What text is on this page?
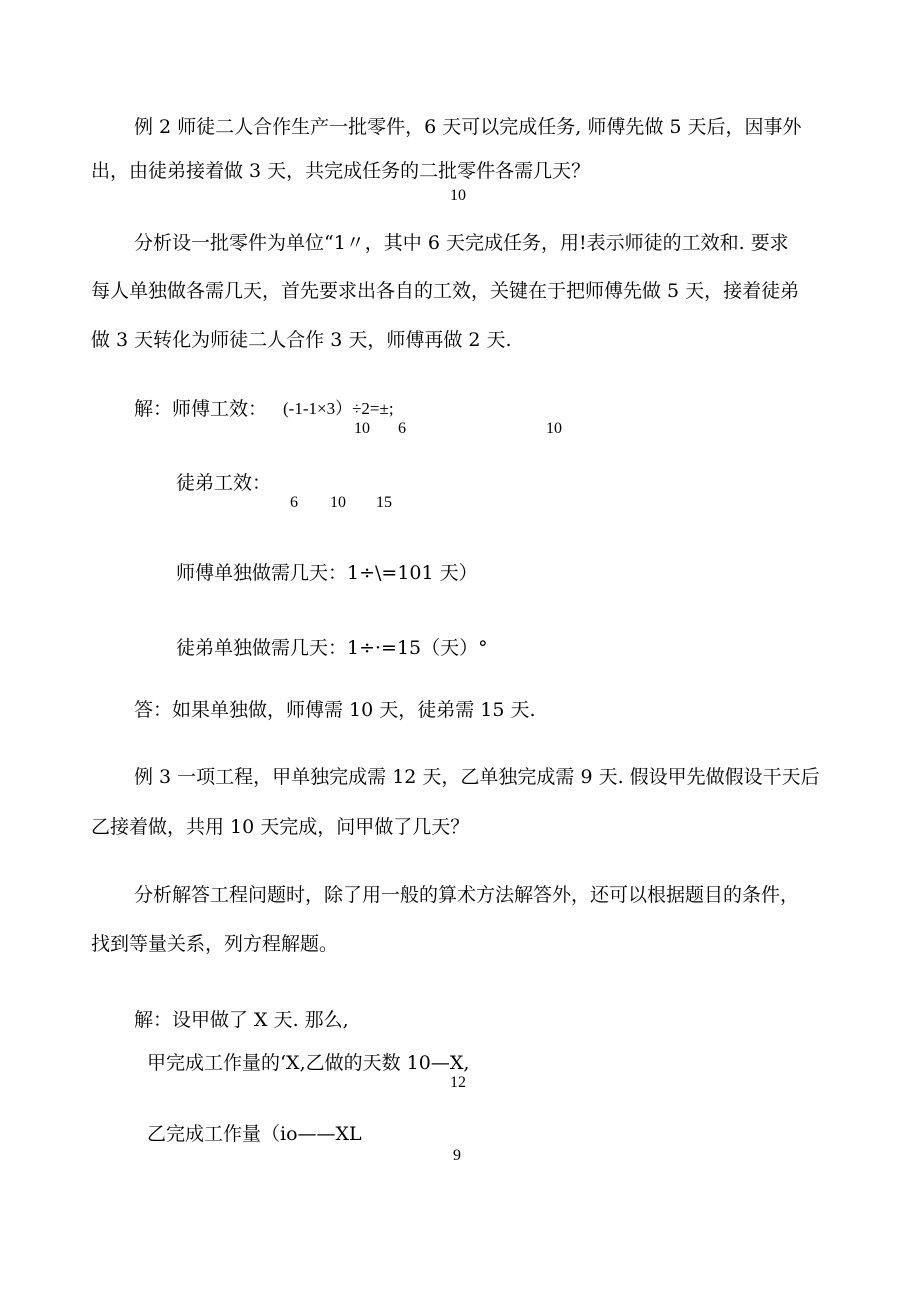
例 2 师徒二人合作生产一批零件，6 天可以完成任务, 师傅先做 5 天后，因事外
出，由徒弟接着做 3 天，共完成任务的二批零件各需几天？
10
分析设一批零件为单位“1〃，其中 6 天完成任务，用!表示师徒的工效和. 要求
每人单独做各需几天，首先要求出各自的工效，关键在于把师傅先做 5 天，接着徒弟
做 3 天转化为师徒二人合作 3 天，师傅再做 2 天.
解：师傅工效： (-1-1×3）÷2=±;
10 6	10
徒弟工效：
6 10 15
师傅单独做需几天：1÷\=101 天）
徒弟单独做需几天：1÷·=15（天）°
答：如果单独做，师傅需 10 天，徒弟需 15 天.
例 3 一项工程，甲单独完成需 12 天，乙单独完成需 9 天. 假设甲先做假设干天后
乙接着做，共用 10 天完成，问甲做了几天？
分析解答工程问题时，除了用一般的算术方法解答外，还可以根据题目的条件，
找到等量关系，列方程解题。
解：设甲做了 X 天. 那么,
甲完成工作量的‘X,乙做的天数 10—X,
12
乙完成工作量（io——XL
9
